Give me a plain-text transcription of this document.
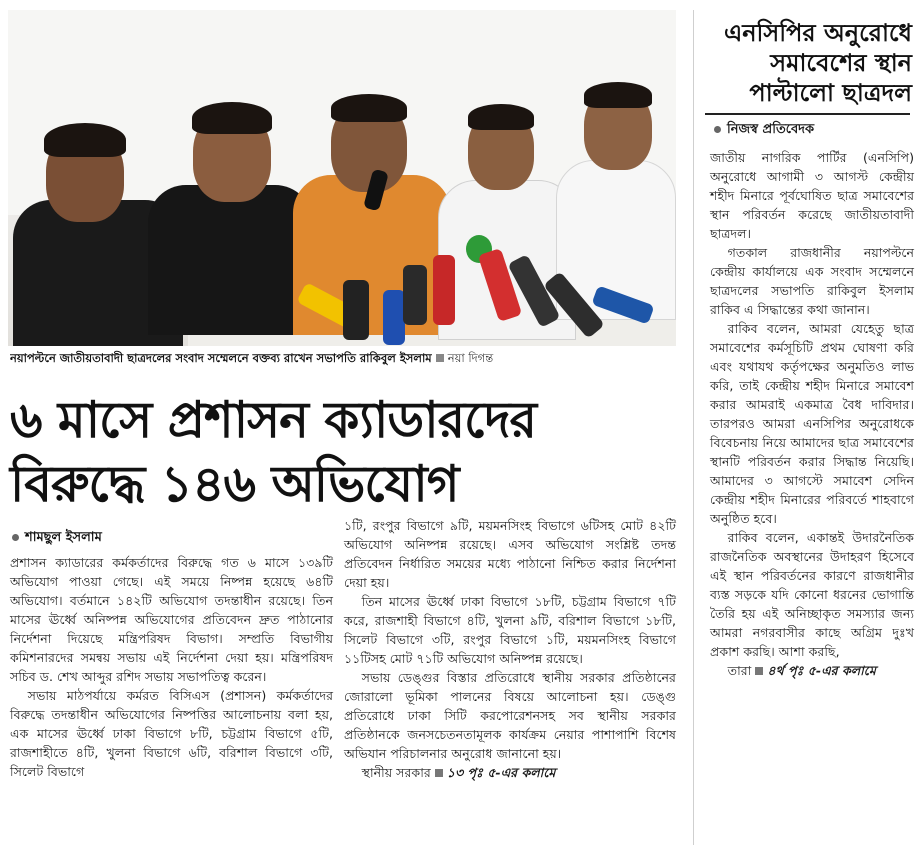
নয়াপল্টনে জাতীয়তাবাদী ছাত্রদলের সংবাদ সম্মেলনে বক্তব্য রাখেন সভাপতি রাকিবুল ইসলাম নয়া দিগন্ত
৬ মাসে প্রশাসন ক্যাডারদের
বিরুদ্ধে ১৪৬ অভিযোগ
শামছুল ইসলাম

প্রশাসন ক্যাডারের কর্মকর্তাদের বিরুদ্ধে গত ৬ মাসে ১৩৯টি অভিযোগ পাওয়া গেছে। এই সময়ে নিষ্পন্ন হয়েছে ৬৪টি অভিযোগ। বর্তমানে ১৪২টি অভিযোগ তদন্তাধীন রয়েছে। তিন মাসের ঊর্ধ্বে অনিষ্পন্ন অভিযোগের প্রতিবেদন দ্রুত পাঠানোর নির্দেশনা দিয়েছে মন্ত্রিপরিষদ বিভাগ। সম্প্রতি বিভাগীয় কমিশনারদের সমন্বয় সভায় এই নির্দেশনা দেয়া হয়। মন্ত্রিপরিষদ সচিব ড. শেখ আব্দুর রশিদ সভায় সভাপতিত্ব করেন।

সভায় মাঠপর্যায়ে কর্মরত বিসিএস (প্রশাসন) কর্মকর্তাদের বিরুদ্ধে তদন্তাধীন অভিযোগের নিষ্পত্তির আলোচনায় বলা হয়, এক মাসের ঊর্ধ্বে ঢাকা বিভাগে ৮টি, চট্টগ্রাম বিভাগে ৫টি, রাজশাহীতে ৪টি, খুলনা বিভাগে ৬টি, বরিশাল বিভাগে ৩টি, সিলেট বিভাগে

১টি, রংপুর বিভাগে ৯টি, ময়মনসিংহ বিভাগে ৬টিসহ মোট ৪২টি অভিযোগ অনিষ্পন্ন রয়েছে। এসব অভিযোগ সংশ্লিষ্ট তদন্ত প্রতিবেদন নির্ধারিত সময়ের মধ্যে পাঠানো নিশ্চিত করার নির্দেশনা দেয়া হয়।

তিন মাসের ঊর্ধ্বে ঢাকা বিভাগে ১৮টি, চট্টগ্রাম বিভাগে ৭টি করে, রাজশাহী বিভাগে ৪টি, খুলনা ৯টি, বরিশাল বিভাগে ১৮টি, সিলেট বিভাগে ৩টি, রংপুর বিভাগে ১টি, ময়মনসিংহ বিভাগে ১১টিসহ মোট ৭১টি অভিযোগ অনিষ্পন্ন রয়েছে।

সভায় ডেঙ্গুর বিস্তার প্রতিরোধে স্থানীয় সরকার প্রতিষ্ঠানের জোরালো ভূমিকা পালনের বিষয়ে আলোচনা হয়। ডেঙ্গু প্রতিরোধে ঢাকা সিটি করপোরেশনসহ সব স্থানীয় সরকার প্রতিষ্ঠানকে জনসচেতনতামূলক কার্যক্রম নেয়ার পাশাপাশি বিশেষ অভিযান পরিচালনার অনুরোধ জানানো হয়।

স্থানীয় সরকার ১৩ পৃঃ ৫-এর কলামে

এনসিপির অনুরোধে
সমাবেশের স্থান
পাল্টালো ছাত্রদল
নিজস্ব প্রতিবেদক

জাতীয় নাগরিক পার্টির (এনসিপি) অনুরোধে আগামী ৩ আগস্ট কেন্দ্রীয় শহীদ মিনারে পূর্বঘোষিত ছাত্র সমাবেশের স্থান পরিবর্তন করেছে জাতীয়তাবাদী ছাত্রদল।

গতকাল রাজধানীর নয়াপল্টনে কেন্দ্রীয় কার্যালয়ে এক সংবাদ সম্মেলনে ছাত্রদলের সভাপতি রাকিবুল ইসলাম রাকিব এ সিদ্ধান্তের কথা জানান।

রাকিব বলেন, আমরা যেহেতু ছাত্র সমাবেশের কর্মসূচিটি প্রথম ঘোষণা করি এবং যথাযথ কর্তৃপক্ষের অনুমতিও লাভ করি, তাই কেন্দ্রীয় শহীদ মিনারে সমাবেশ করার আমরাই একমাত্র বৈধ দাবিদার। তারপরও আমরা এনসিপির অনুরোধকে বিবেচনায় নিয়ে আমাদের ছাত্র সমাবেশের স্থানটি পরিবর্তন করার সিদ্ধান্ত নিয়েছি। আমাদের ৩ আগস্টে সমাবেশ সেদিন কেন্দ্রীয় শহীদ মিনারের পরিবর্তে শাহবাগে অনুষ্ঠিত হবে।

রাকিব বলেন, একান্তই উদারনৈতিক রাজনৈতিক অবস্থানের উদাহরণ হিসেবে এই স্থান পরিবর্তনের কারণে রাজধানীর ব্যস্ত সড়কে যদি কোনো ধরনের ভোগান্তি তৈরি হয় এই অনিচ্ছাকৃত সমস্যার জন্য আমরা নগরবাসীর কাছে অগ্রিম দুঃখ প্রকাশ করছি। আশা করছি,

তারা ৪র্থ পৃঃ ৫-এর কলামে
